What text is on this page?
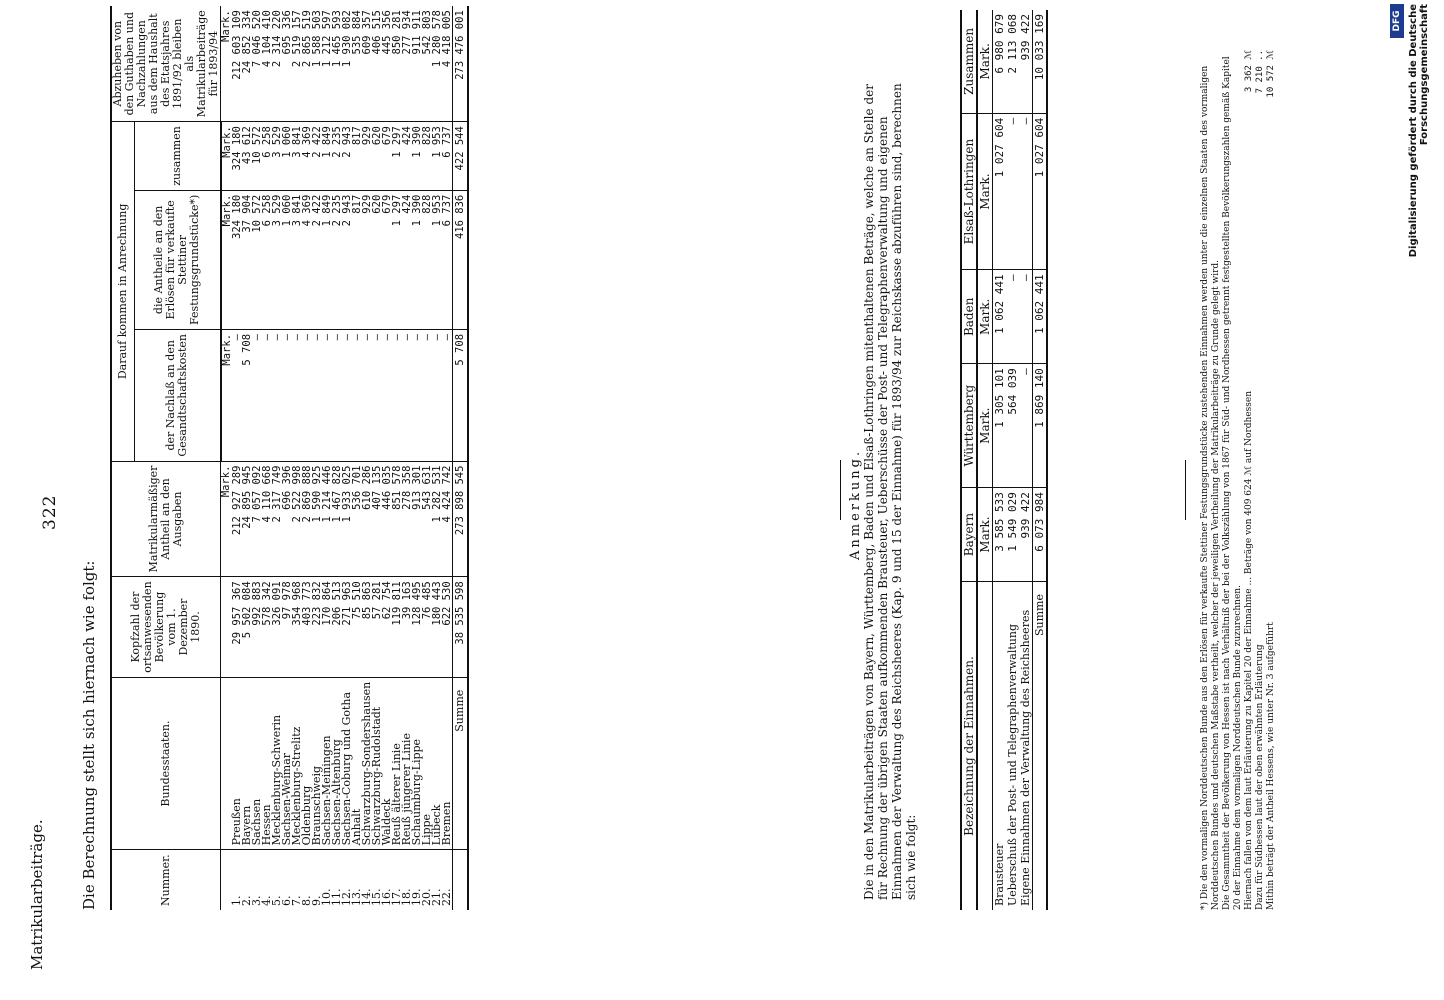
Matrikularbeiträge.
322
Die Berechnung stellt sich hiernach wie folgt:	Nummer.	Bundesstaaten.	Kopfzahl der ortsanwesenden Bevölkerung vom 1. Dezember 1890.	Matrikularmäßiger Antheil an den Ausgaben	Darauf kommen in Anrechnung			Abzuheben von den Guthaben und Nachzahlungen aus dem Haushalt des Etatsjahres 1891/92 bleiben als Matrikularbeiträge für 1893/94
				der Nachlaß an den Gesandtschaftskosten	die Antheile an den Erlösen für verkaufte Stettiner Festungsgrundstücke*)	zusammen	
			Mark.	Mark.	Mark.	Mark.	Mark.
1.	Preußen	29 957 367	212 927 289	—	324 180	324 180	212 603 109
2.	Bayern	5 502 084	24 895 945	5 708	37 904	43 612	24 852 334
3.	Sachsen	992 883	7 057 092	—	10 572	10 572	7 046 520
4.	Hessen	578 342	4 110 668	—	6 258	6 258	4 104 410
5.	Mecklenburg-Schwerin	326 091	2 317 749	—	3 529	3 529	2 314 220
6.	Sachsen-Weimar	97 978	696 396	—	1 060	1 060	695 336
7.	Mecklenburg-Strelitz	354 968	2 522 998	—	3 841	3 841	2 519 157
8.	Oldenburg	403 773	2 869 888	—	4 369	4 369	2 865 519
9.	Braunschweig	223 832	1 590 925	—	2 422	2 422	1 588 503
10.	Sachsen-Meiningen	170 864	1 214 446	—	1 849	1 849	1 212 597
11.	Sachsen-Altenburg	206 513	1 467 828	—	2 235	2 235	1 465 593
12.	Sachsen-Coburg und Gotha	271 963	1 933 025	—	2 943	2 943	1 930 082
13.	Anhalt	75 510	536 701	—	817	817	535 884
14.	Schwarzburg-Sondershausen	85 863	610 286	—	929	929	609 357
15.	Schwarzburg-Rudolstadt	57 281	407 135	—	620	620	406 515
16.	Waldeck	62 754	446 035	—	679	679	445 356
17.	Reuß älterer Linie	119 811	851 578	—	1 297	1 297	850 281
18.	Reuß jüngerer Linie	39 163	278 358	—	424	424	277 934
19.	Schaumburg-Lippe	128 495	913 301	—	1 390	1 390	911 911
20.	Lippe	76 485	543 631	—	828	828	542 803
21.	Lübeck	180 443	1 282 531	—	1 953	1 953	1 280 578
22.	Bremen	622 530	4 424 742	—	6 737	6 737	4 418 005
	Summe	38 535 598	273 898 545	5 708	416 836	422 544	273 476 001
Anmerkung. Die in den Matrikularbeiträgen von Bayern, Württemberg, Baden und Elsaß-Lothringen mitenthaltenen Beträge, welche an Stelle der für Rechnung der übrigen Staaten aufkommenden Brausteuer, Ueberschüsse der Post- und Telegraphenverwaltung und eigenen Einnahmen der Verwaltung des Reichsheeres (Kap. 9 und 15 der Einnahme) für 1893/94 zur Reichskasse abzuführen sind, berechnen sich wie folgt:
Bezeichnung der Einnahmen.	Bayern	Württemberg	Baden	Elsaß-Lothringen	Zusammen
	Mark.	Mark.	Mark.	Mark.	Mark.
Brausteuer	3 585 533	1 305 101	1 062 441	1 027 604	6 980 679
Ueberschuß der Post- und Telegraphenverwaltung	1 549 029	564 039	—	—	2 113 068
Eigene Einnahmen der Verwaltung des Reichsheeres	939 422	—	—	—	939 422
Summe	6 073 984	1 869 140	1 062 441	1 027 604	10 033 169
*) Die den vormaligen Norddeutschen Bunde aus den Erlösen für verkaufte Stettiner Festungsgrundstücke zustehenden Einnahmen werden unter die einzelnen Staaten des vormaligen Norddeutschen Bundes und deutschen Maßstabe vertheilt, welcher der jeweiligen Vertheilung der Matrikularbeiträge zu Grunde gelegt wird. Die Gesammtheit der Bevölkerung von Hessen ist nach Verhältniß der bei der Volkszählung von 1867 für Süd- und Nordhessen getrennt festgestellten Bevölkerungszahlen gemäß Kapitel 20 der Einnahme dem vormaligen Norddeutschen Bunde zuzurechnen. Hiernach fallen von dem laut Erläuterung zu Kapitel 20 der Einnahme ... Beträge von 409 624 ℳ auf Nordhessen
3 362 ℳ
Dazu für Südhessen laut der oben erwähnten Erläuterung
7 210 ..
Mithin beträgt der Antheil Hessens, wie unter Nr. 3 aufgeführt
10 572 ℳ
DFG Digitalisierung gefördert durch die Deutsche Forschungsgemeinschaft
